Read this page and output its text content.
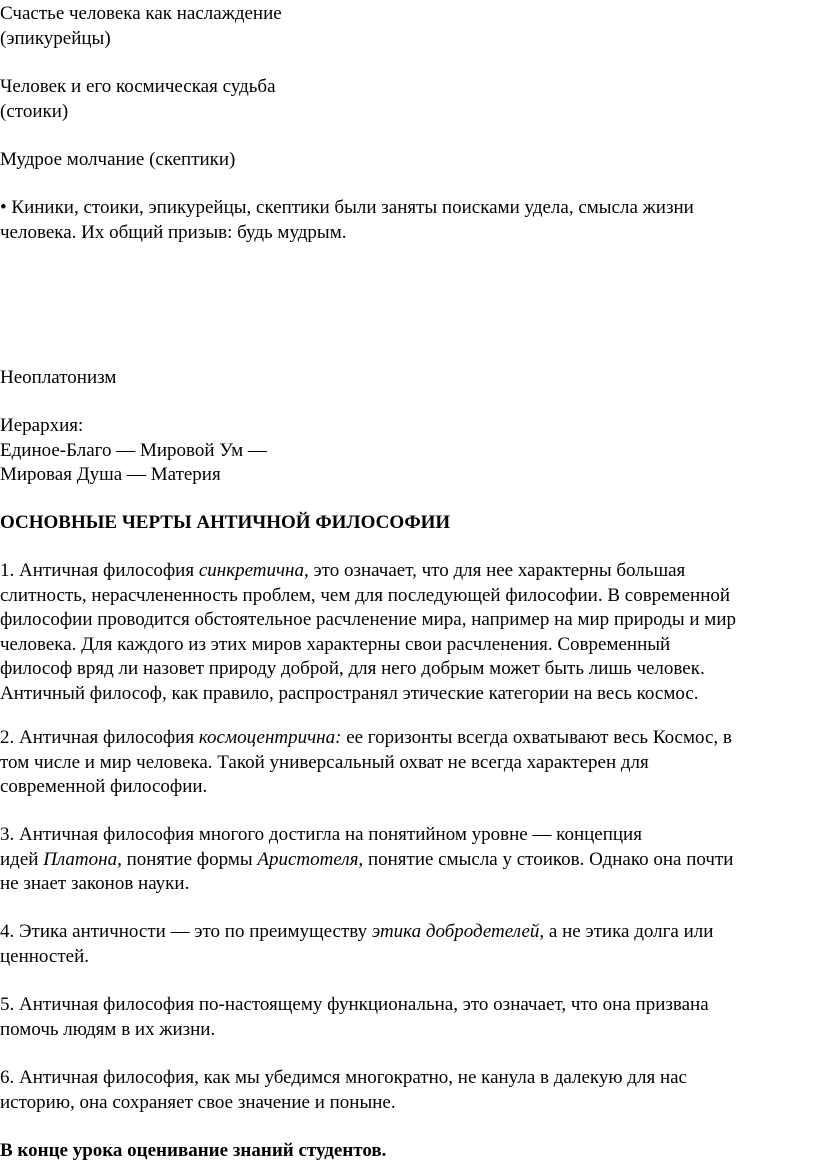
Счастье человека как наслаждение
(эпикурейцы)

Человек и его космическая судьба
(стоики)

Мудрое молчание (скептики)

• Киники, стоики, эпикурейцы, скептики были заняты поисками удела, смысла жизни
человека. Их общий призыв: будь мудрым.

Неоплатонизм

Иерархия:
Единое-Благо — Мировой Ум —
Мировая Душа — Материя

ОСНОВНЫЕ ЧЕРТЫ АНТИЧНОЙ ФИЛОСОФИИ

1. Античная философия синкретична, это означает, что для нее характерны большая
слитность, нерасчлененность проблем, чем для последующей философии. В современной
философии проводится обстоятельное расчленение мира, например на мир природы и мир
человека. Для каждого из этих миров характерны свои расчленения. Современный
философ вряд ли назовет природу доброй, для него добрым может быть лишь человек.
Античный философ, как правило, распространял этические категории на весь космос.

2. Античная философия космоцентрична: ее горизонты всегда охватывают весь Космос, в
том числе и мир человека. Такой универсальный охват не всегда характерен для
современной философии.

3. Античная философия многого достигла на понятийном уровне — концепция
идей Платона, понятие формы Аристотеля, понятие смысла у стоиков. Однако она почти
не знает законов науки.

4. Этика античности — это по преимуществу этика добродетелей, а не этика долга или
ценностей.

5. Античная философия по-настоящему функциональна, это означает, что она призвана
помочь людям в их жизни.

6. Античная философия, как мы убедимся многократно, не канула в далекую для нас
историю, она сохраняет свое значение и поныне.

В конце урока оценивание знаний студентов.
